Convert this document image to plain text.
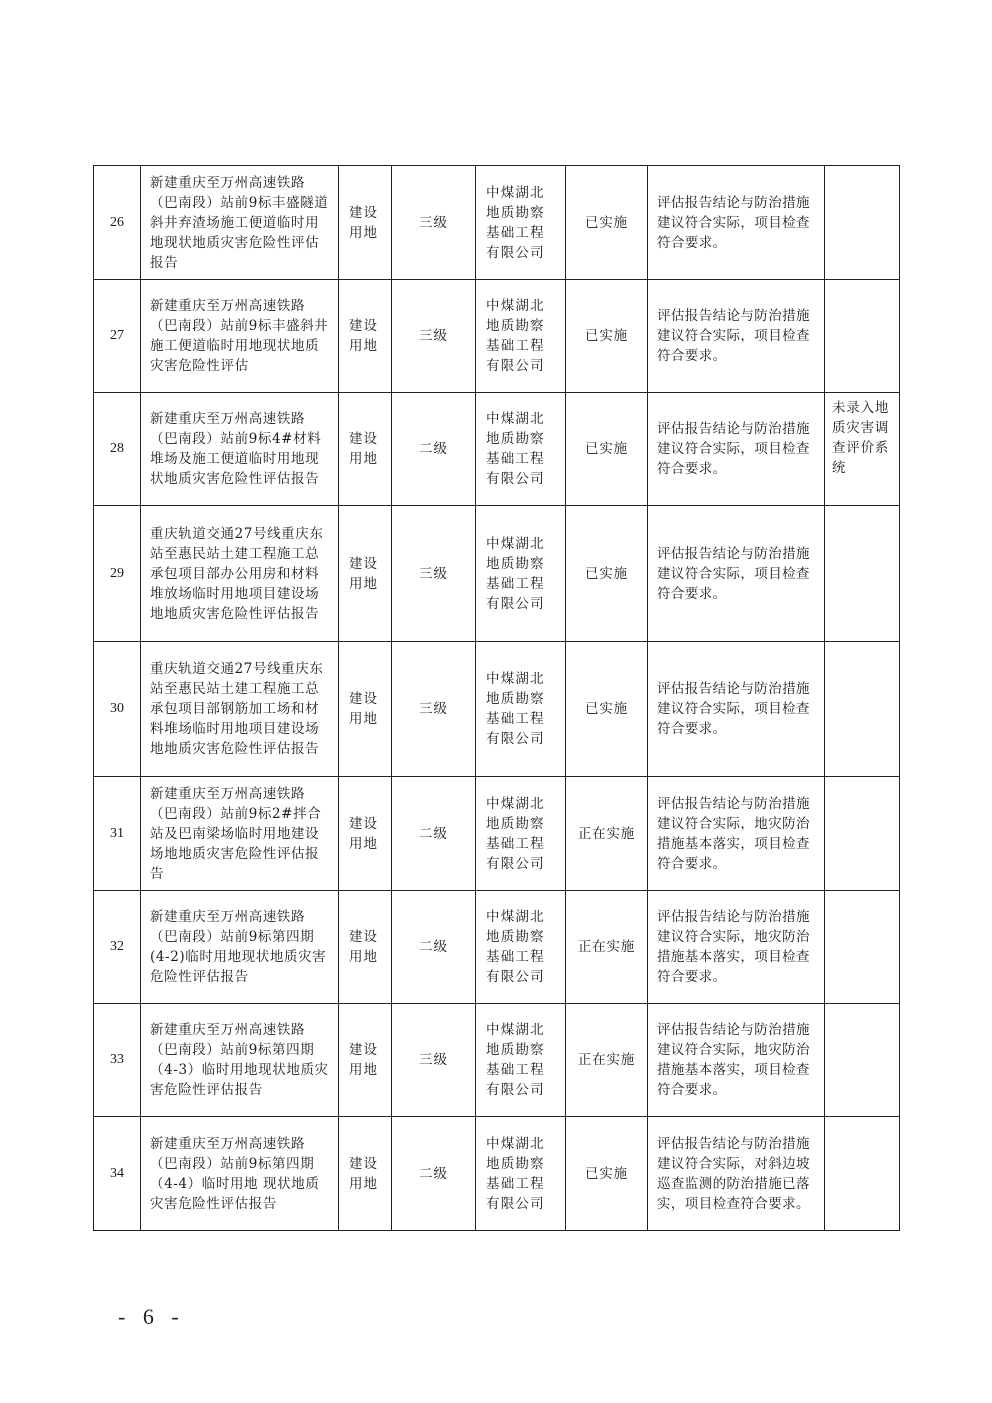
26	新建重庆至万州高速铁路（巴南段）站前9标丰盛隧道斜井弃渣场施工便道临时用地现状地质灾害危险性评估报告	建设用地	三级	中煤湖北地质勘察基础工程有限公司	已实施	评估报告结论与防治措施建议符合实际，项目检查符合要求。	
27	新建重庆至万州高速铁路（巴南段）站前9标丰盛斜井施工便道临时用地现状地质灾害危险性评估	建设用地	三级	中煤湖北地质勘察基础工程有限公司	已实施	评估报告结论与防治措施建议符合实际，项目检查符合要求。	
28	新建重庆至万州高速铁路（巴南段）站前9标4#材料堆场及施工便道临时用地现状地质灾害危险性评估报告	建设用地	二级	中煤湖北地质勘察基础工程有限公司	已实施	评估报告结论与防治措施建议符合实际，项目检查符合要求。	未录入地质灾害调查评价系统
29	重庆轨道交通27号线重庆东站至惠民站土建工程施工总承包项目部办公用房和材料堆放场临时用地项目建设场地地质灾害危险性评估报告	建设用地	三级	中煤湖北地质勘察基础工程有限公司	已实施	评估报告结论与防治措施建议符合实际，项目检查符合要求。	
30	重庆轨道交通27号线重庆东站至惠民站土建工程施工总承包项目部钢筋加工场和材料堆场临时用地项目建设场地地质灾害危险性评估报告	建设用地	三级	中煤湖北地质勘察基础工程有限公司	已实施	评估报告结论与防治措施建议符合实际，项目检查符合要求。	
31	新建重庆至万州高速铁路（巴南段）站前9标2#拌合站及巴南梁场临时用地建设场地地质灾害危险性评估报告	建设用地	二级	中煤湖北地质勘察基础工程有限公司	正在实施	评估报告结论与防治措施建议符合实际，地灾防治措施基本落实，项目检查符合要求。	
32	新建重庆至万州高速铁路（巴南段）站前9标第四期(4-2)临时用地现状地质灾害危险性评估报告	建设用地	二级	中煤湖北地质勘察基础工程有限公司	正在实施	评估报告结论与防治措施建议符合实际，地灾防治措施基本落实，项目检查符合要求。	
33	新建重庆至万州高速铁路（巴南段）站前9标第四期（4-3）临时用地现状地质灾害危险性评估报告	建设用地	三级	中煤湖北地质勘察基础工程有限公司	正在实施	评估报告结论与防治措施建议符合实际，地灾防治措施基本落实，项目检查符合要求。	
34	新建重庆至万州高速铁路（巴南段）站前9标第四期（4-4）临时用地 现状地质灾害危险性评估报告	建设用地	二级	中煤湖北地质勘察基础工程有限公司	已实施	评估报告结论与防治措施建议符合实际，对斜边坡巡查监测的防治措施已落实，项目检查符合要求。	
- 6 -
